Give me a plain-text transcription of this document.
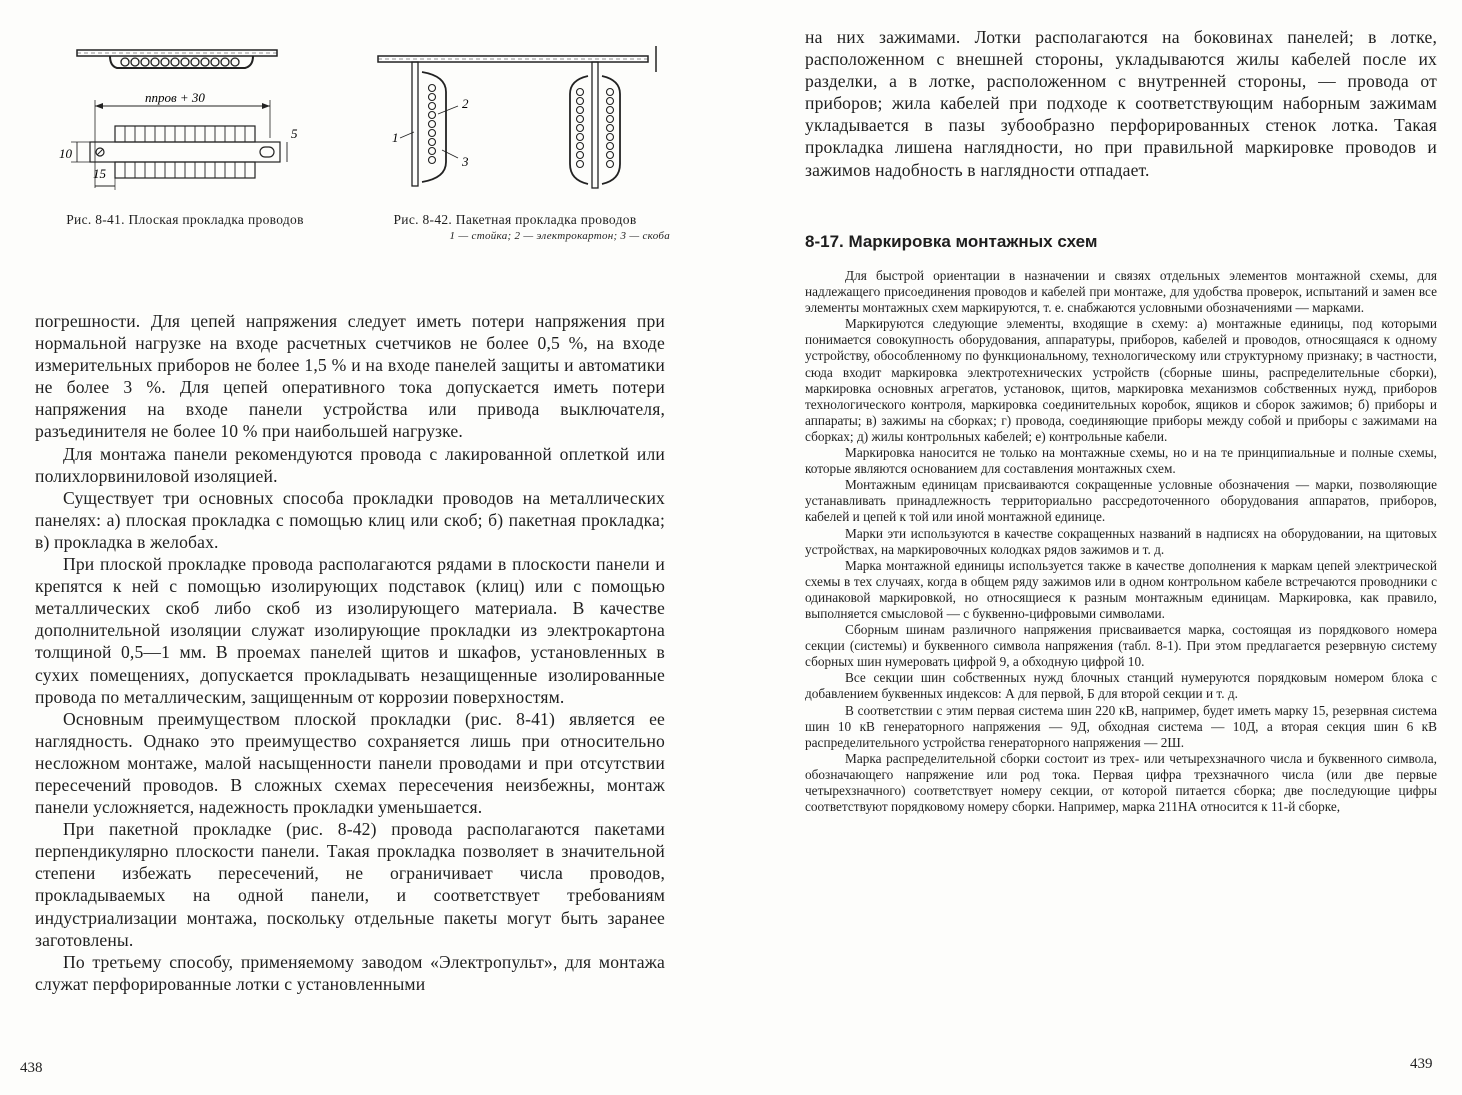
nпров + 30
10
15
5	1
2
3
Рис. 8-41. Плоская прокладка проводов	Рис. 8-42. Пакетная прокладка проводов
1 — стойка; 2 — электрокартон; 3 — скоба

погрешности. Для цепей напряжения следует иметь потери напряжения при нормальной нагрузке на входе расчетных счетчиков не более 0,5 %, на входе измерительных приборов не более 1,5 % и на входе панелей защиты и автоматики не более 3 %. Для цепей оперативного тока допускается иметь потери напряжения на входе панели устройства или привода выключателя, разъединителя не более 10 % при наибольшей нагрузке.

Для монтажа панели рекомендуются провода с лакированной оплеткой или полихлорвиниловой изоляцией.

Существует три основных способа прокладки проводов на металлических панелях: а) плоская прокладка с помощью клиц или скоб; б) пакетная прокладка; в) прокладка в желобах.

При плоской прокладке провода располагаются рядами в плоскости панели и крепятся к ней с помощью изолирующих подставок (клиц) или с помощью металлических скоб либо скоб из изолирующего материала. В качестве дополнительной изоляции служат изолирующие прокладки из электрокартона толщиной 0,5—1 мм. В проемах панелей щитов и шкафов, установленных в сухих помещениях, допускается прокладывать незащищенные изолированные провода по металлическим, защищенным от коррозии поверхностям.

Основным преимуществом плоской прокладки (рис. 8-41) является ее наглядность. Однако это преимущество сохраняется лишь при относительно несложном монтаже, малой насыщенности панели проводами и при отсутствии пересечений проводов. В сложных схемах пересечения неизбежны, монтаж панели усложняется, надежность прокладки уменьшается.

При пакетной прокладке (рис. 8-42) провода располагаются пакетами перпендикулярно плоскости панели. Такая прокладка позволяет в значительной степени избежать пересечений, не ограничивает числа проводов, прокладываемых на одной панели, и соответствует требованиям индустриализации монтажа, поскольку отдельные пакеты могут быть заранее заготовлены.

По третьему способу, применяемому заводом «Электропульт», для монтажа служат перфорированные лотки с установленными

438

на них зажимами. Лотки располагаются на боковинах панелей; в лотке, расположенном с внешней стороны, укладываются жилы кабелей после их разделки, а в лотке, расположенном с внутренней стороны, — провода от приборов; жила кабелей при подходе к соответствующим наборным зажимам укладывается в пазы зубообразно перфорированных стенок лотка. Такая прокладка лишена наглядности, но при правильной маркировке проводов и зажимов надобность в наглядности отпадает.

8-17. Маркировка монтажных схем

Для быстрой ориентации в назначении и связях отдельных элементов монтажной схемы, для надлежащего присоединения проводов и кабелей при монтаже, для удобства проверок, испытаний и замен все элементы монтажных схем маркируются, т. е. снабжаются условными обозначениями — марками.

Маркируются следующие элементы, входящие в схему: а) монтажные единицы, под которыми понимается совокупность оборудования, аппаратуры, приборов, кабелей и проводов, относящаяся к одному устройству, обособленному по функциональному, технологическому или структурному признаку; в частности, сюда входит маркировка электротехнических устройств (сборные шины, распределительные сборки), маркировка основных агрегатов, установок, щитов, маркировка механизмов собственных нужд, приборов технологического контроля, маркировка соединительных коробок, ящиков и сборок зажимов; б) приборы и аппараты; в) зажимы на сборках; г) провода, соединяющие приборы между собой и приборы с зажимами на сборках; д) жилы контрольных кабелей; е) контрольные кабели.

Маркировка наносится не только на монтажные схемы, но и на те принципиальные и полные схемы, которые являются основанием для составления монтажных схем.

Монтажным единицам присваиваются сокращенные условные обозначения — марки, позволяющие устанавливать принадлежность территориально рассредоточенного оборудования аппаратов, приборов, кабелей и цепей к той или иной монтажной единице.

Марки эти используются в качестве сокращенных названий в надписях на оборудовании, на щитовых устройствах, на маркировочных колодках рядов зажимов и т. д.

Марка монтажной единицы используется также в качестве дополнения к маркам цепей электрической схемы в тех случаях, когда в общем ряду зажимов или в одном контрольном кабеле встречаются проводники с одинаковой маркировкой, но относящиеся к разным монтажным единицам. Маркировка, как правило, выполняется смысловой — с буквенно-цифровыми символами.

Сборным шинам различного напряжения присваивается марка, состоящая из порядкового номера секции (системы) и буквенного символа напряжения (табл. 8-1). При этом предлагается резервную систему сборных шин нумеровать цифрой 9, а обходную цифрой 10.

Все секции шин собственных нужд блочных станций нумеруются порядковым номером блока с добавлением буквенных индексов: А для первой, Б для второй секции и т. д.

В соответствии с этим первая система шин 220 кВ, например, будет иметь марку 15, резервная система шин 10 кВ генераторного напряжения — 9Д, обходная система — 10Д, а вторая секция шин 6 кВ распределительного устройства генераторного напряжения — 2Ш.

Марка распределительной сборки состоит из трех- или четырехзначного числа и буквенного символа, обозначающего напряжение или род тока. Первая цифра трехзначного числа (или две первые четырехзначного) соответствует номеру секции, от которой питается сборка; две последующие цифры соответствуют порядковому номеру сборки. Например, марка 211НА относится к 11-й сборке,

439
